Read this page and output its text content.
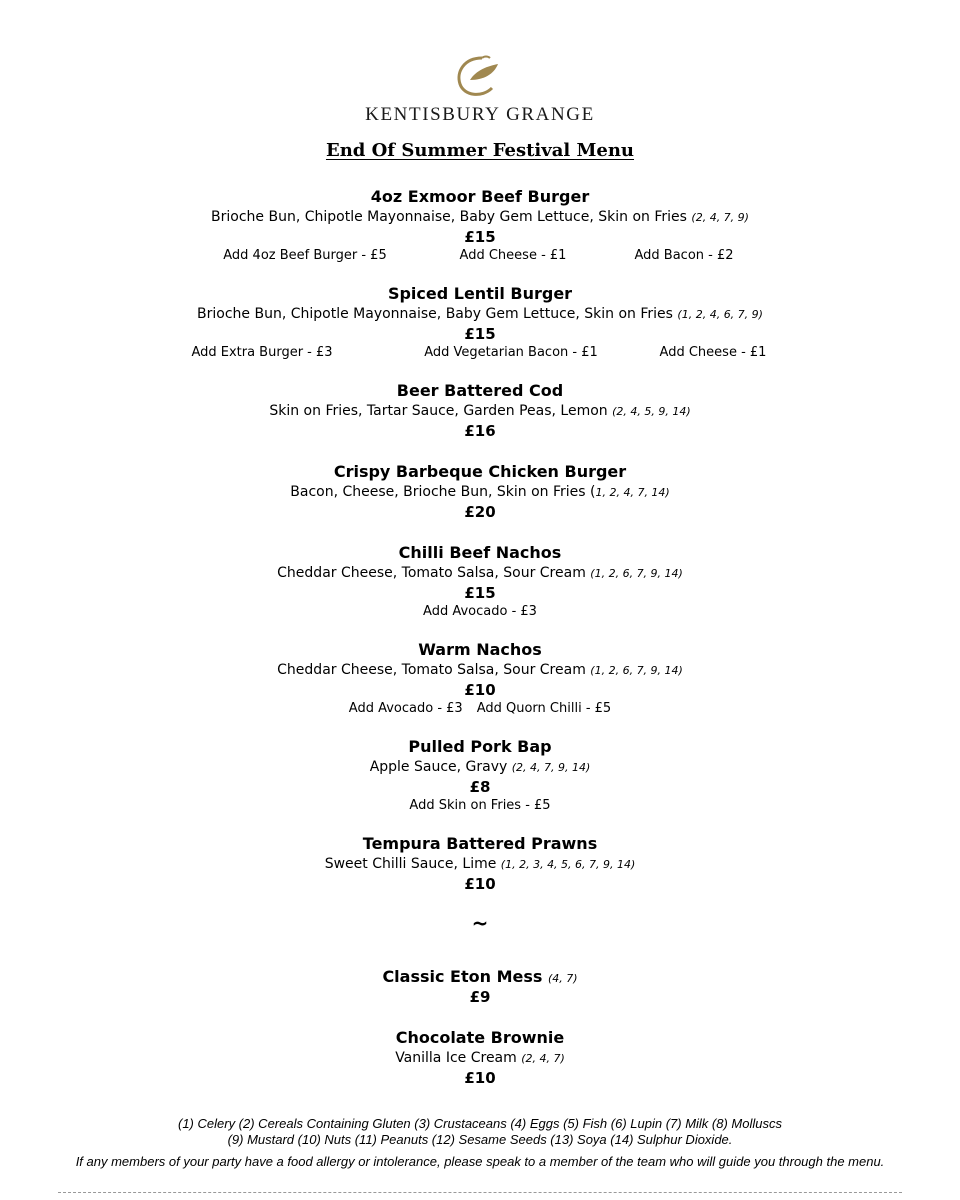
KENTISBURY GRANGE
End Of Summer Festival Menu
4oz Exmoor Beef Burger
Brioche Bun, Chipotle Mayonnaise, Baby Gem Lettuce, Skin on Fries (2, 4, 7, 9)
£15
Add 4oz Beef Burger - £5	Add Cheese - £1	Add Bacon - £2
Spiced Lentil Burger
Brioche Bun, Chipotle Mayonnaise, Baby Gem Lettuce, Skin on Fries (1, 2, 4, 6, 7, 9)
£15
Add Extra Burger - £3	Add Vegetarian Bacon - £1	Add Cheese - £1
Beer Battered Cod
Skin on Fries, Tartar Sauce, Garden Peas, Lemon (2, 4, 5, 9, 14)
£16
Crispy Barbeque Chicken Burger
Bacon, Cheese, Brioche Bun, Skin on Fries (1, 2, 4, 7, 14)
£20
Chilli Beef Nachos
Cheddar Cheese, Tomato Salsa, Sour Cream (1, 2, 6, 7, 9, 14)
£15
Add Avocado - £3
Warm Nachos
Cheddar Cheese, Tomato Salsa, Sour Cream (1, 2, 6, 7, 9, 14)
£10
Add Avocado - £3 Add Quorn Chilli - £5
Pulled Pork Bap
Apple Sauce, Gravy (2, 4, 7, 9, 14)
£8
Add Skin on Fries - £5
Tempura Battered Prawns
Sweet Chilli Sauce, Lime (1, 2, 3, 4, 5, 6, 7, 9, 14)
£10
~
Classic Eton Mess (4, 7)
£9
Chocolate Brownie
Vanilla Ice Cream (2, 4, 7)
£10
(1) Celery (2) Cereals Containing Gluten (3) Crustaceans (4) Eggs (5) Fish (6) Lupin (7) Milk (8) Molluscs
(9) Mustard (10) Nuts (11) Peanuts (12) Sesame Seeds (13) Soya (14) Sulphur Dioxide.
If any members of your party have a food allergy or intolerance, please speak to a member of the team who will guide you through the menu.
